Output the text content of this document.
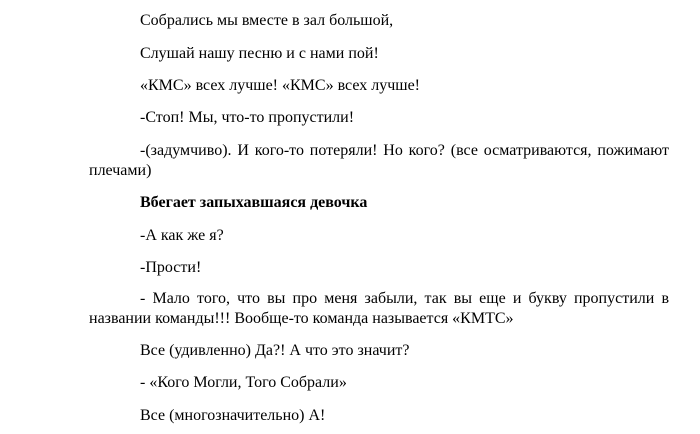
Собрались мы вместе в зал большой,

Слушай нашу песню и с нами пой!

«КМС» всех лучше! «КМС» всех лучше!

-Стоп! Мы, что-то пропустили!

-(задумчиво). И кого-то потеряли! Но кого? (все осматриваются, пожимают плечами)

Вбегает запыхавшаяся девочка

-А как же я?

-Прости!

- Мало того, что вы про меня забыли, так вы еще и букву пропустили в названии команды!!! Вообще-то команда называется «КМТС»

Все (удивленно) Да?! А что это значит?

- «Кого Могли, Того Собрали»

Все (многозначительно) А!
